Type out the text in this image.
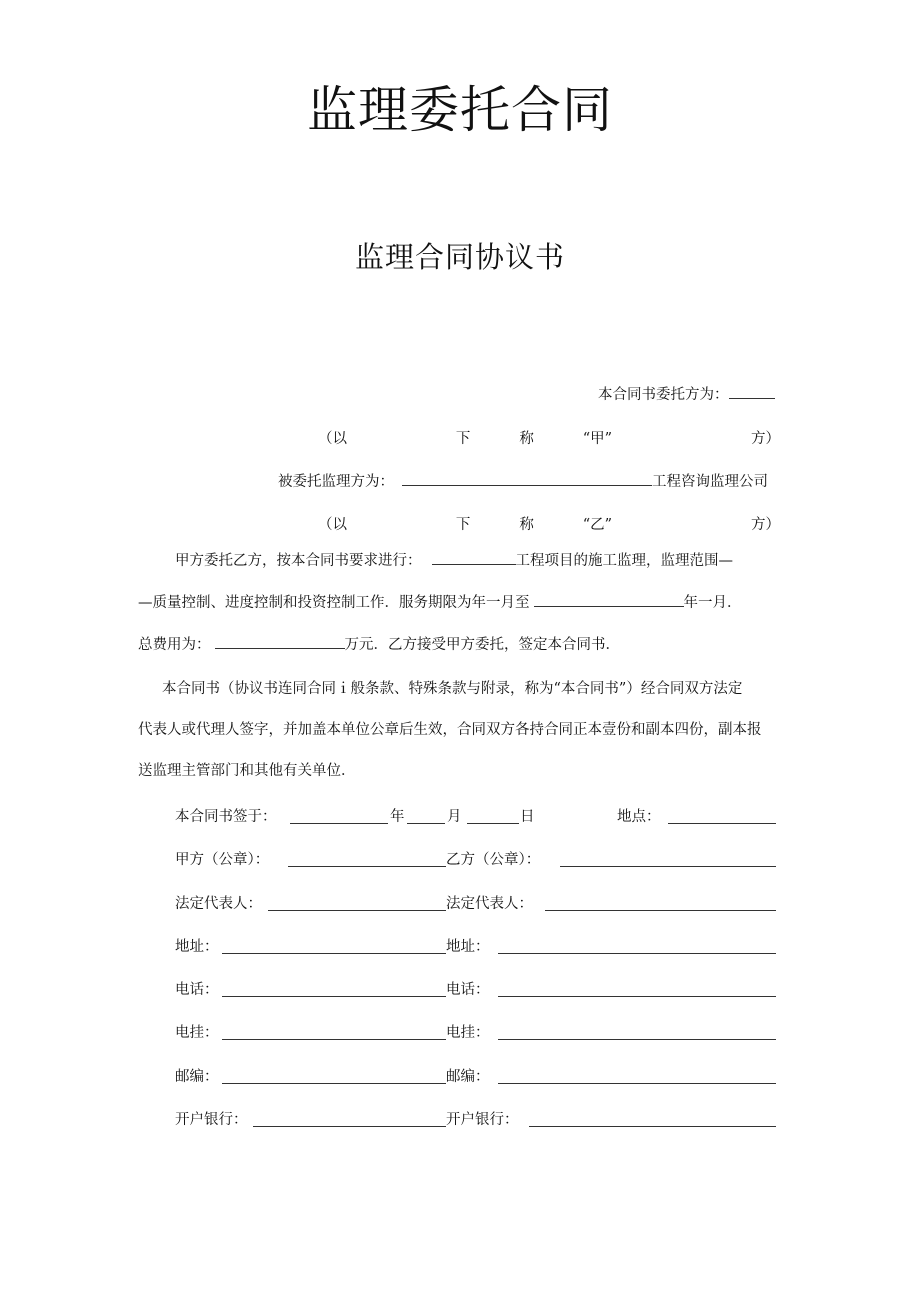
监理委托合同
监理合同协议书
本合同书委托方为：
（以	下	称	“甲”	方）
被委托监理方为：	工程咨询监理公司
（以	下	称	“乙”	方）
甲方委托乙方，按本合同书要求进行：	工程项目的施工监理，监理范围—
—质量控制、进度控制和投资控制工作．服务期限为年一月至	年一月．
总费用为：	万元．乙方接受甲方委托，签定本合同书．
本合同书（协议书连同合同ｉ般条款、特殊条款与附录，称为“本合同书”）经合同双方法定
代表人或代理人签字，并加盖本单位公章后生效，合同双方各持合同正本壹份和副本四份，副本报
送监理主管部门和其他有关单位．
本合同书签于：	年	月	日	地点：
甲方（公章）：	乙方（公章）：
法定代表人：	法定代表人：
地址：	地址：
电话：	电话：
电挂：	电挂：
邮编：	邮编：
开户银行：	开户银行：
